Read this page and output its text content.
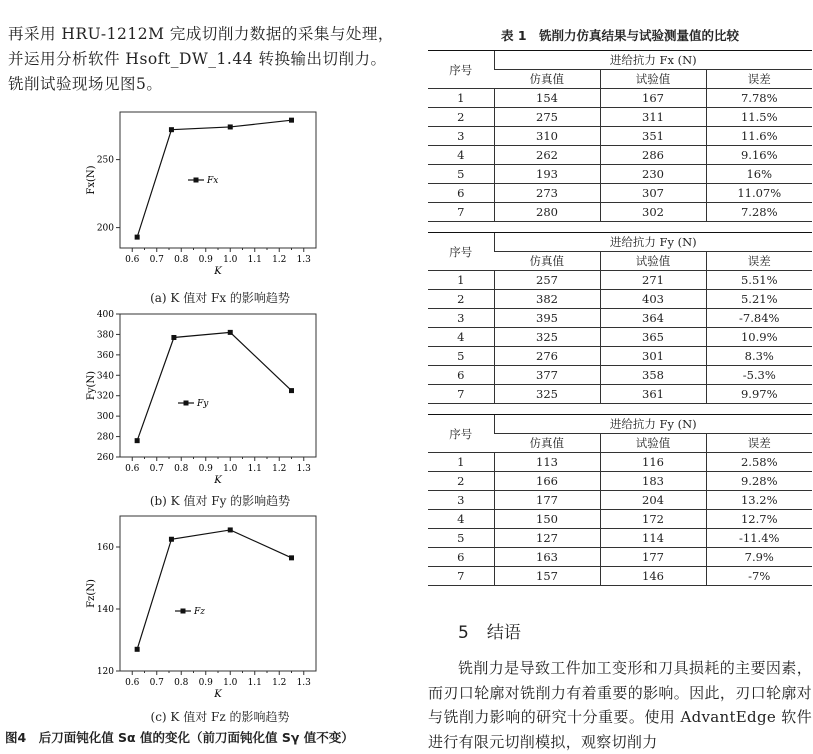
再采用 HRU-1212M 完成切削力数据的采集与处理，并运用分析软件 Hsoft_DW_1.44 转换输出切削力。铣削试验现场见图5。

0.6 0.7 0.8 0.9 1.0 1.1 1.2 1.3
200
250
K
Fx(N)	Fx
(a) K 值对 Fx 的影响趋势
0.6 0.7 0.8 0.9 1.0 1.1 1.2 1.3
260
280
300
320
340
360
380
400
K
Fy(N)
Fy
(b) K 值对 Fy 的影响趋势
0.6 0.7 0.8 0.9 1.0 1.1 1.2 1.3
120
140
160
K
Fz(N)
Fz
(c) K 值对 Fz 的影响趋势
图4　后刀面钝化值 Sα 值的变化（前刀面钝化值 Sγ 值不变）
表 1　铣削力仿真结果与试验测量值的比较
序号	进给抗力 Fx (N)		
	仿真值	试验值	误差
1	154	167	7.78%
2	275	311	11.5%
3	310	351	11.6%
4	262	286	9.16%
5	193	230	16%
6	273	307	11.07%
7	280	302	7.28%
序号	进给抗力 Fy (N)		
	仿真值	试验值	误差
1	257	271	5.51%
2	382	403	5.21%
3	395	364	-7.84%
4	325	365	10.9%
5	276	301	8.3%
6	377	358	-5.3%
7	325	361	9.97%
序号	进给抗力 Fy (N)		
	仿真值	试验值	误差
1	113	116	2.58%
2	166	183	9.28%
3	177	204	13.2%
4	150	172	12.7%
5	127	114	-11.4%
6	163	177	7.9%
7	157	146	-7%
5 结语

铣削力是导致工件加工变形和刀具损耗的主要因素，而刃口轮廓对铣削力有着重要的影响。因此，刃口轮廓对与铣削力影响的研究十分重要。使用 AdvantEdge 软件进行有限元切削模拟，观察切削力
